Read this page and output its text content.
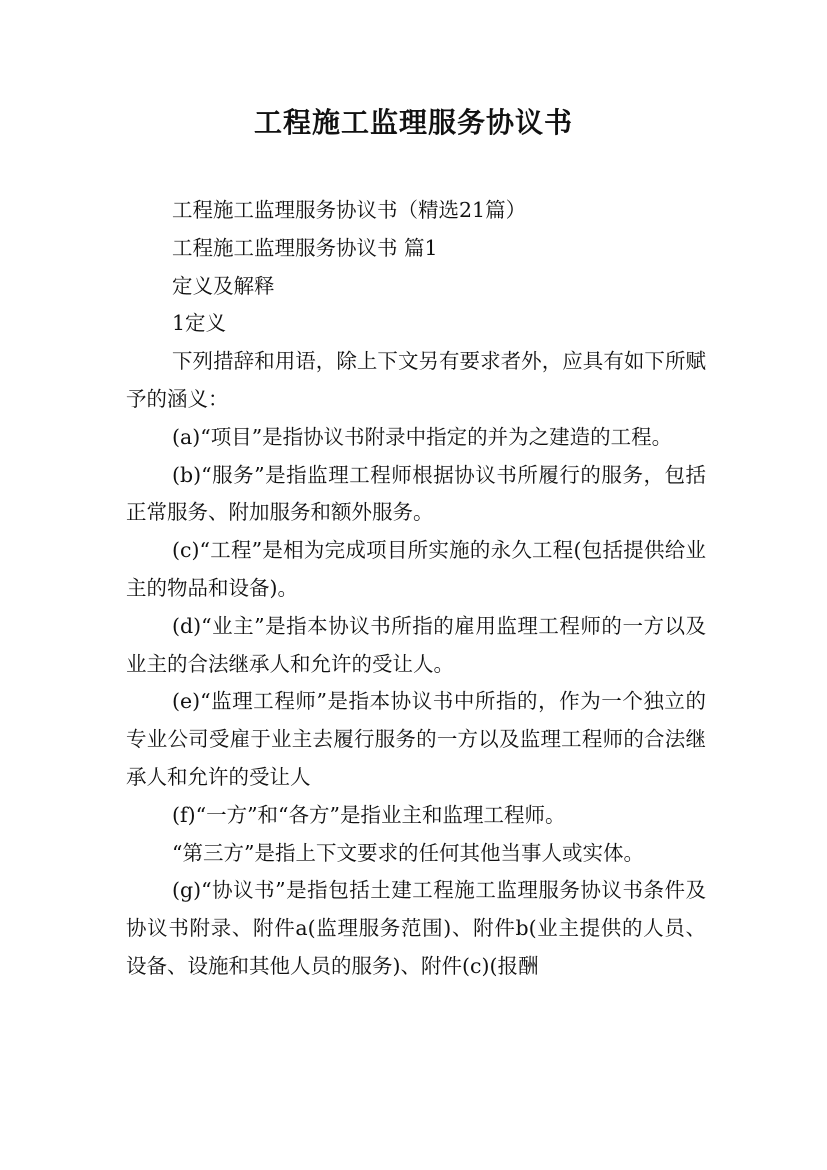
工程施工监理服务协议书

工程施工监理服务协议书（精选21篇）

工程施工监理服务协议书 篇1

定义及解释

1定义

下列措辞和用语，除上下文另有要求者外，应具有如下所赋予的涵义：

(a)“项目”是指协议书附录中指定的并为之建造的工程。

(b)“服务”是指监理工程师根据协议书所履行的服务，包括正常服务、附加服务和额外服务。

(c)“工程”是相为完成项目所实施的永久工程(包括提供给业主的物品和设备)。

(d)“业主”是指本协议书所指的雇用监理工程师的一方以及业主的合法继承人和允许的受让人。

(e)“监理工程师”是指本协议书中所指的，作为一个独立的专业公司受雇于业主去履行服务的一方以及监理工程师的合法继承人和允许的受让人

(f)“一方”和“各方”是指业主和监理工程师。

“第三方”是指上下文要求的任何其他当事人或实体。

(g)“协议书”是指包括土建工程施工监理服务协议书条件及协议书附录、附件a(监理服务范围)、附件b(业主提供的人员、设备、设施和其他人员的服务)、附件(c)(报酬
